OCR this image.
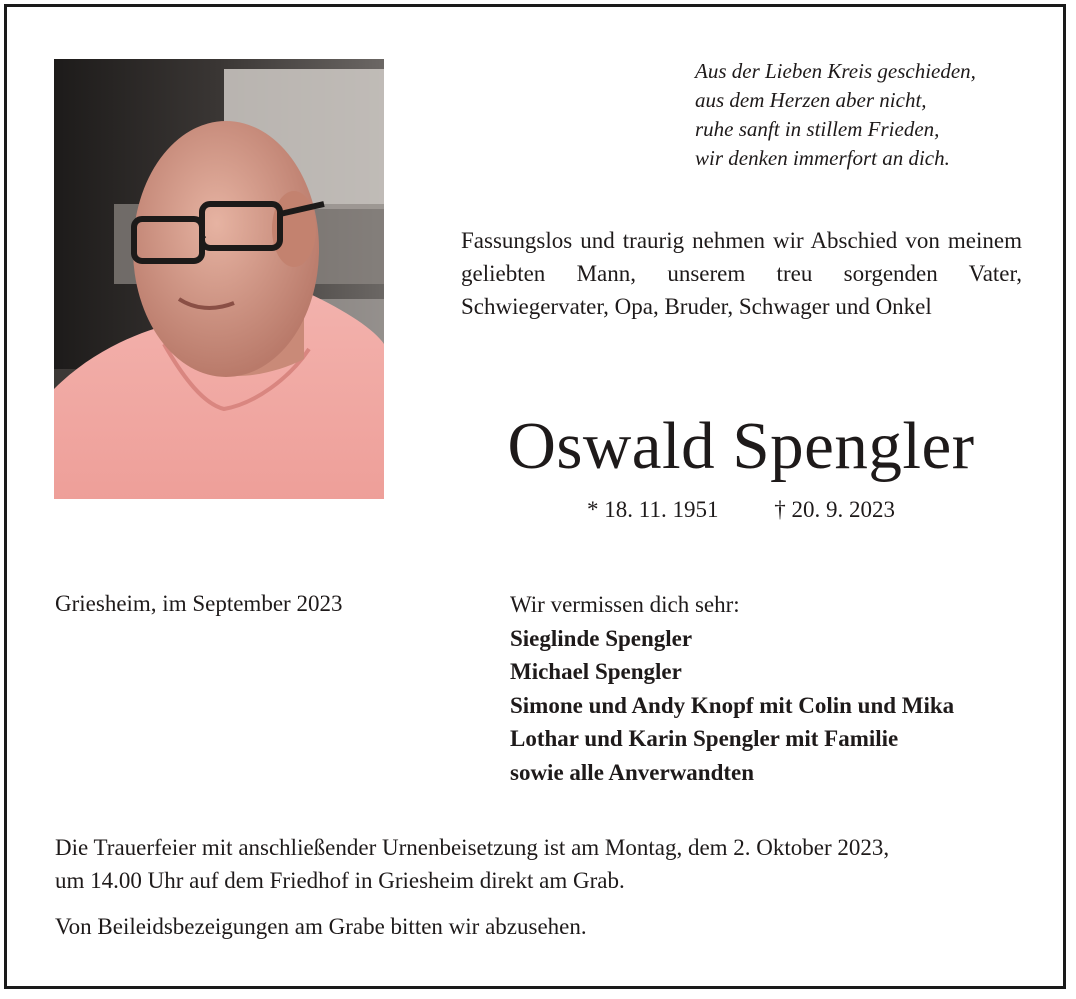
Aus der Lieben Kreis geschieden,
aus dem Herzen aber nicht,
ruhe sanft in stillem Frieden,
wir denken immerfort an dich.
Fassungslos und traurig nehmen wir Abschied von meinem geliebten Mann, unserem treu sorgenden Vater, Schwiegervater, Opa, Bruder, Schwager und Onkel
Oswald Spengler
* 18. 11. 1951 † 20. 9. 2023
Griesheim, im September 2023	Wir vermissen dich sehr:
Sieglinde Spengler
Michael Spengler
Simone und Andy Knopf mit Colin und Mika
Lothar und Karin Spengler mit Familie
sowie alle Anverwandten
Die Trauerfeier mit anschließender Urnenbeisetzung ist am Montag, dem 2. Oktober 2023,
um 14.00 Uhr auf dem Friedhof in Griesheim direkt am Grab.
Von Beileidsbezeigungen am Grabe bitten wir abzusehen.
